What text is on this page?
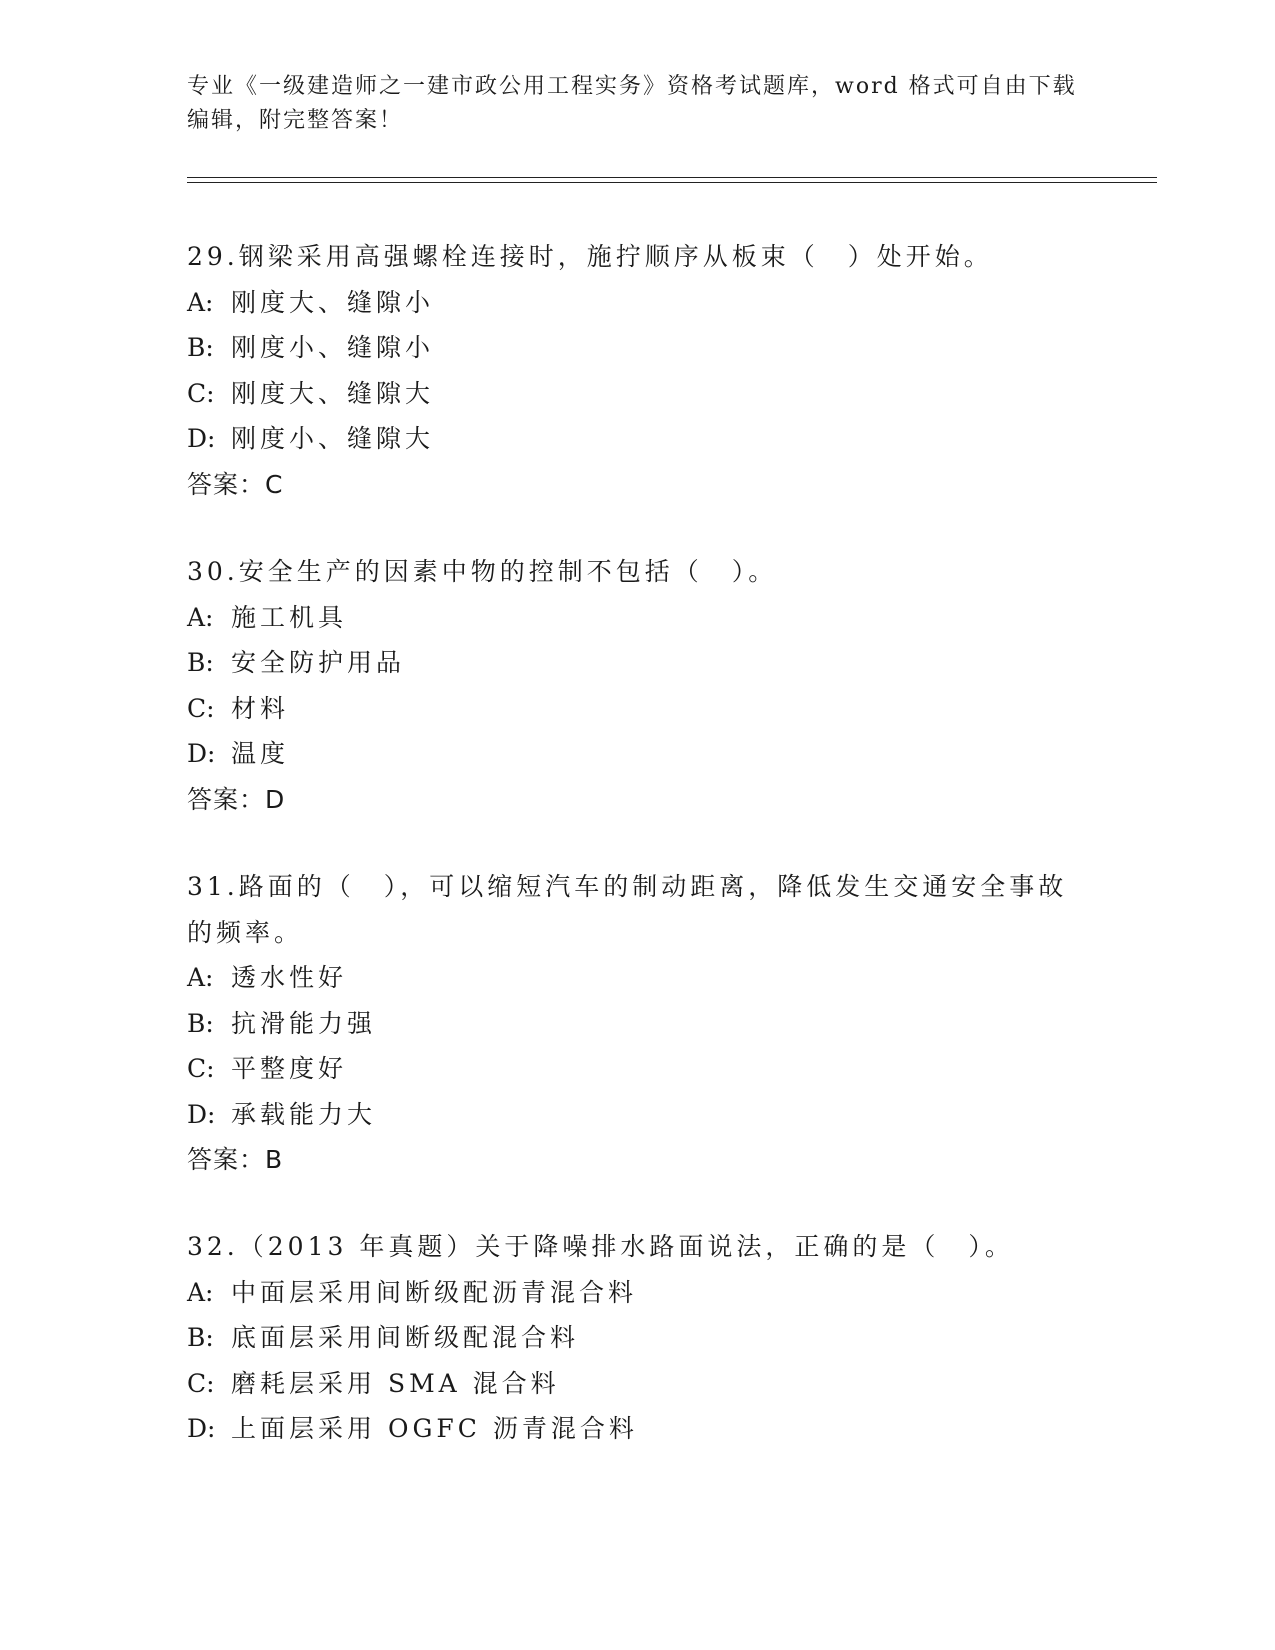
专业《一级建造师之一建市政公用工程实务》资格考试题库，word 格式可自由下载编辑，附完整答案！
29.钢梁采用高强螺栓连接时，施拧顺序从板束（　）处开始。
A: 刚度大、缝隙小
B: 刚度小、缝隙小
C: 刚度大、缝隙大
D: 刚度小、缝隙大
答案：C
30.安全生产的因素中物的控制不包括（　）。
A: 施工机具
B: 安全防护用品
C: 材料
D: 温度
答案：D
31.路面的（　），可以缩短汽车的制动距离，降低发生交通安全事故的频率。
A: 透水性好
B: 抗滑能力强
C: 平整度好
D: 承载能力大
答案：B
32.（2013 年真题）关于降噪排水路面说法，正确的是（　）。
A: 中面层采用间断级配沥青混合料
B: 底面层采用间断级配混合料
C: 磨耗层采用 SMA 混合料
D: 上面层采用 OGFC 沥青混合料
